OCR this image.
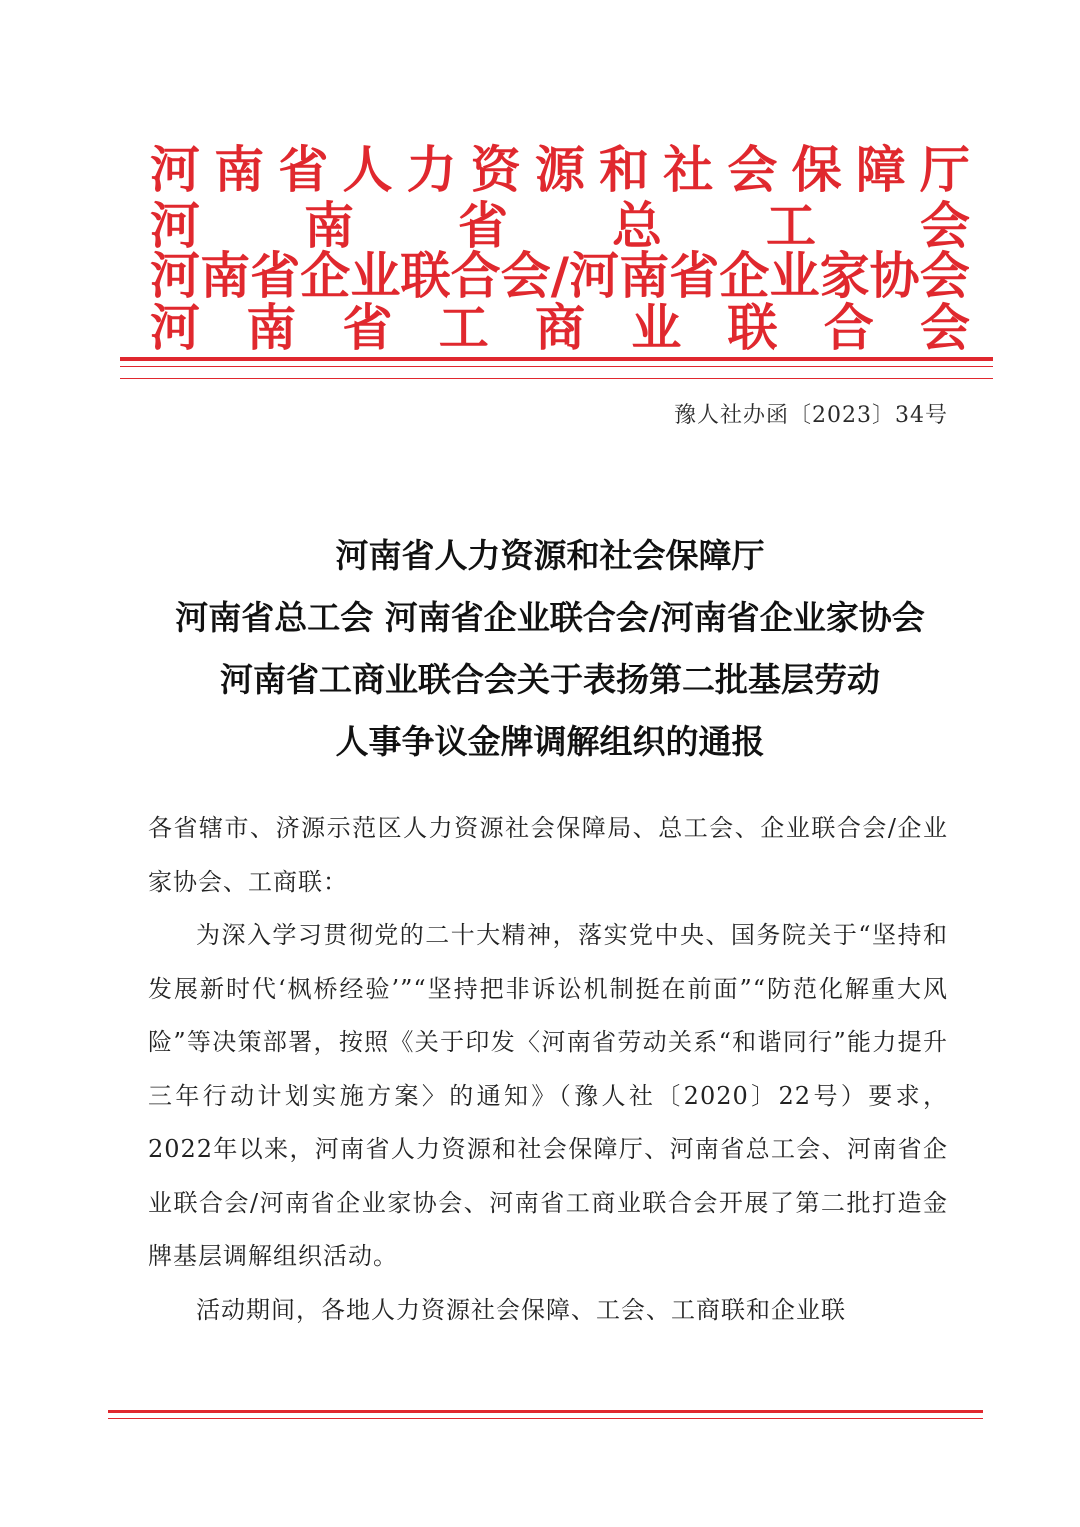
河 南 省 人 力 资 源 和 社 会 保 障 厅
河 南 省 总 工 会
河 南 省 企 业 联 合 会 / 河 南 省 企 业 家 协 会
河 南 省 工 商 业 联 合 会
豫人社办函〔2023〕34号
河南省人力资源和社会保障厅
河南省总工会 河南省企业联合会/河南省企业家协会
河南省工商业联合会关于表扬第二批基层劳动
人事争议金牌调解组织的通报

各省辖市、济源示范区人力资源社会保障局、总工会、企业联合会/企业家协会、工商联：

为深入学习贯彻党的二十大精神，落实党中央、国务院关于“坚持和发展新时代‘枫桥经验’”“坚持把非诉讼机制挺在前面”“防范化解重大风险”等决策部署，按照《关于印发〈河南省劳动关系“和谐同行”能力提升三年行动计划实施方案〉的通知》（豫人社〔2020〕22号）要求，2022年以来，河南省人力资源和社会保障厅、河南省总工会、河南省企业联合会/河南省企业家协会、河南省工商业联合会开展了第二批打造金牌基层调解组织活动。

活动期间，各地人力资源社会保障、工会、工商联和企业联
